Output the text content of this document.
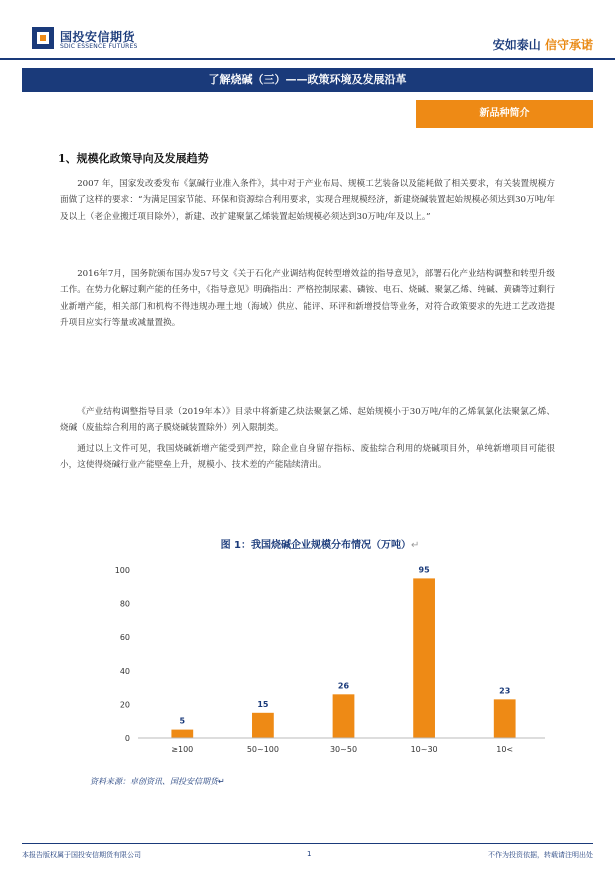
国投安信期货
SDIC ESSENCE FUTURES	安如泰山 信守承诺
了解烧碱（三）——政策环境及发展沿革
新品种简介
1、规模化政策导向及发展趋势

2007 年，国家发改委发布《氯碱行业准入条件》，其中对于产业布局、规模工艺装备以及能耗做了相关要求，有关装置规模方面做了这样的要求：“为满足国家节能、环保和资源综合利用要求，实现合理规模经济，新建烧碱装置起始规模必须达到30万吨/年及以上（老企业搬迁项目除外），新建、改扩建聚氯乙烯装置起始规模必须达到30万吨/年及以上。”

2016年7月，国务院颁布国办发57号文《关于石化产业调结构促转型增效益的指导意见》，部署石化产业结构调整和转型升级工作。在势力化解过剩产能的任务中，《指导意见》明确指出：严格控制尿素、磷铵、电石、烧碱、聚氯乙烯、纯碱、黄磷等过剩行业新增产能，相关部门和机构不得违规办理土地（海域）供应、能评、环评和新增授信等业务，对符合政策要求的先进工艺改造提升项目应实行等量或减量置换。

《产业结构调整指导目录（2019年本）》目录中将新建乙炔法聚氯乙烯、起始规模小于30万吨/年的乙烯氧氯化法聚氯乙烯、烧碱（废盐综合利用的离子膜烧碱装置除外）列入限制类。

通过以上文件可见，我国烧碱新增产能受到严控，除企业自身留存指标、废盐综合利用的烧碱项目外，单纯新增项目可能很小，这使得烧碱行业产能壁垒上升，规模小、技术差的产能陆续清出。

图 1：我国烧碱企业规模分布情况（万吨）↵
0
20
40
60
80
100
5
15
26
95
23
≥100	50~100	30~50	10~30	10<
资料来源：卓创资讯、国投安信期货↵
本报告版权属于国投安信期货有限公司	1	不作为投资依据，转载请注明出处
